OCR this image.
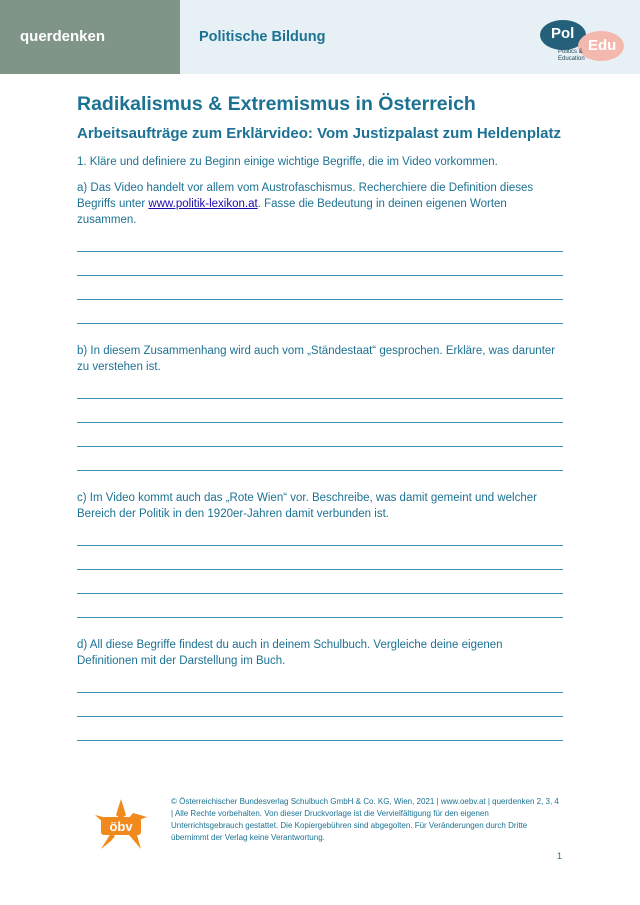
querdenken	Politische Bildung	Pol
Edu
Politics & Education
Radikalismus & Extremismus in Österreich
Arbeitsaufträge zum Erklärvideo: Vom Justizpalast zum Heldenplatz
1. Kläre und definiere zu Beginn einige wichtige Begriffe, die im Video vorkommen.
a) Das Video handelt vor allem vom Austrofaschismus. Recherchiere die Definition dieses Begriffs unter www.politik-lexikon.at. Fasse die Bedeutung in deinen eigenen Worten zusammen.
b) In diesem Zusammenhang wird auch vom „Ständestaat“ gesprochen. Erkläre, was darunter zu verstehen ist.
c) Im Video kommt auch das „Rote Wien“ vor. Beschreibe, was damit gemeint und welcher Bereich der Politik in den 1920er-Jahren damit verbunden ist.
d) All diese Begriffe findest du auch in deinem Schulbuch. Vergleiche deine eigenen Definitionen mit der Darstellung im Buch.
öbv
© Österreichischer Bundesverlag Schulbuch GmbH & Co. KG, Wien, 2021 | www.oebv.at | querdenken 2, 3, 4 | Alle Rechte vorbehalten. Von dieser Druckvorlage ist die Vervielfältigung für den eigenen Unterrichtsgebrauch gestattet. Die Kopiergebühren sind abgegolten. Für Veränderungen durch Dritte übernimmt der Verlag keine Verantwortung.
1
